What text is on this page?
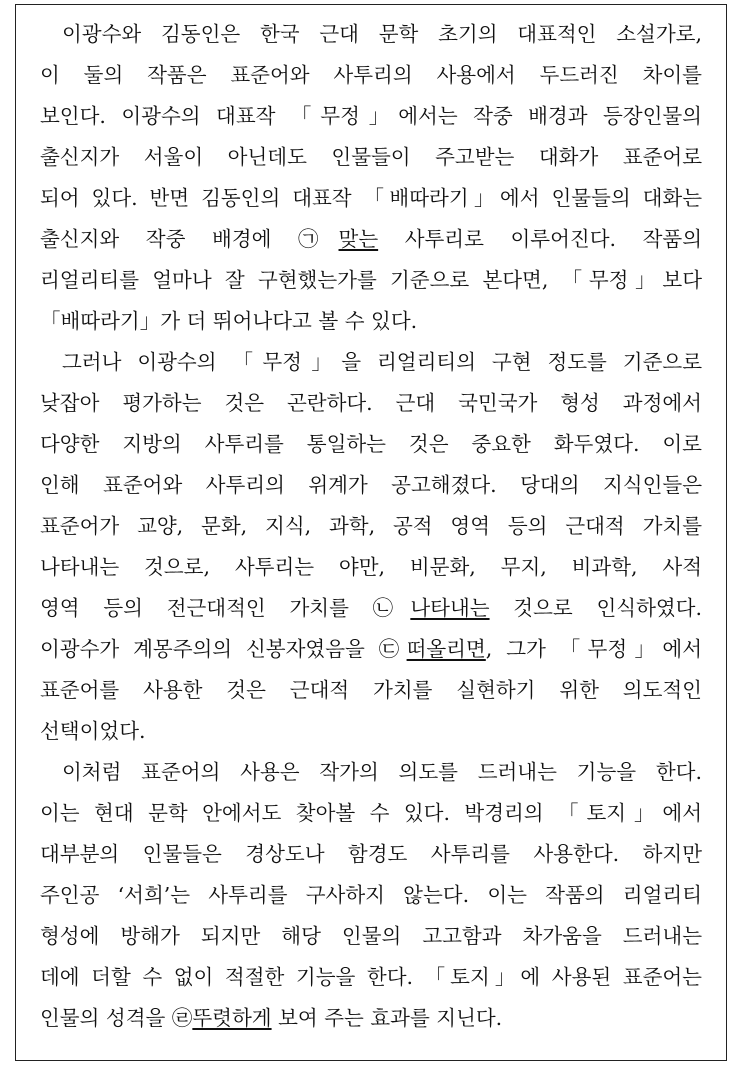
이광수와 김동인은 한국 근대 문학 초기의 대표적인 소설가로,
이 둘의 작품은 표준어와 사투리의 사용에서 두드러진 차이를
보인다. 이광수의 대표작 「무정」에서는 작중 배경과 등장인물의
출신지가 서울이 아닌데도 인물들이 주고받는 대화가 표준어로
되어 있다. 반면 김동인의 대표작 「배따라기」에서 인물들의 대화는
출신지와 작중 배경에 ㉠맞는 사투리로 이루어진다. 작품의
리얼리티를 얼마나 잘 구현했는가를 기준으로 본다면, 「무정」보다
「배따라기」가 더 뛰어나다고 볼 수 있다.
그러나 이광수의 「무정」을 리얼리티의 구현 정도를 기준으로
낮잡아 평가하는 것은 곤란하다. 근대 국민국가 형성 과정에서
다양한 지방의 사투리를 통일하는 것은 중요한 화두였다. 이로
인해 표준어와 사투리의 위계가 공고해졌다. 당대의 지식인들은
표준어가 교양, 문화, 지식, 과학, 공적 영역 등의 근대적 가치를
나타내는 것으로, 사투리는 야만, 비문화, 무지, 비과학, 사적
영역 등의 전근대적인 가치를 ㉡나타내는 것으로 인식하였다.
이광수가 계몽주의의 신봉자였음을 ㉢떠올리면, 그가 「무정」에서
표준어를 사용한 것은 근대적 가치를 실현하기 위한 의도적인
선택이었다.
이처럼 표준어의 사용은 작가의 의도를 드러내는 기능을 한다.
이는 현대 문학 안에서도 찾아볼 수 있다. 박경리의 「토지」에서
대부분의 인물들은 경상도나 함경도 사투리를 사용한다. 하지만
주인공 ‘서희’는 사투리를 구사하지 않는다. 이는 작품의 리얼리티
형성에 방해가 되지만 해당 인물의 고고함과 차가움을 드러내는
데에 더할 수 없이 적절한 기능을 한다. 「토지」에 사용된 표준어는
인물의 성격을 ㉣뚜렷하게 보여 주는 효과를 지닌다.
